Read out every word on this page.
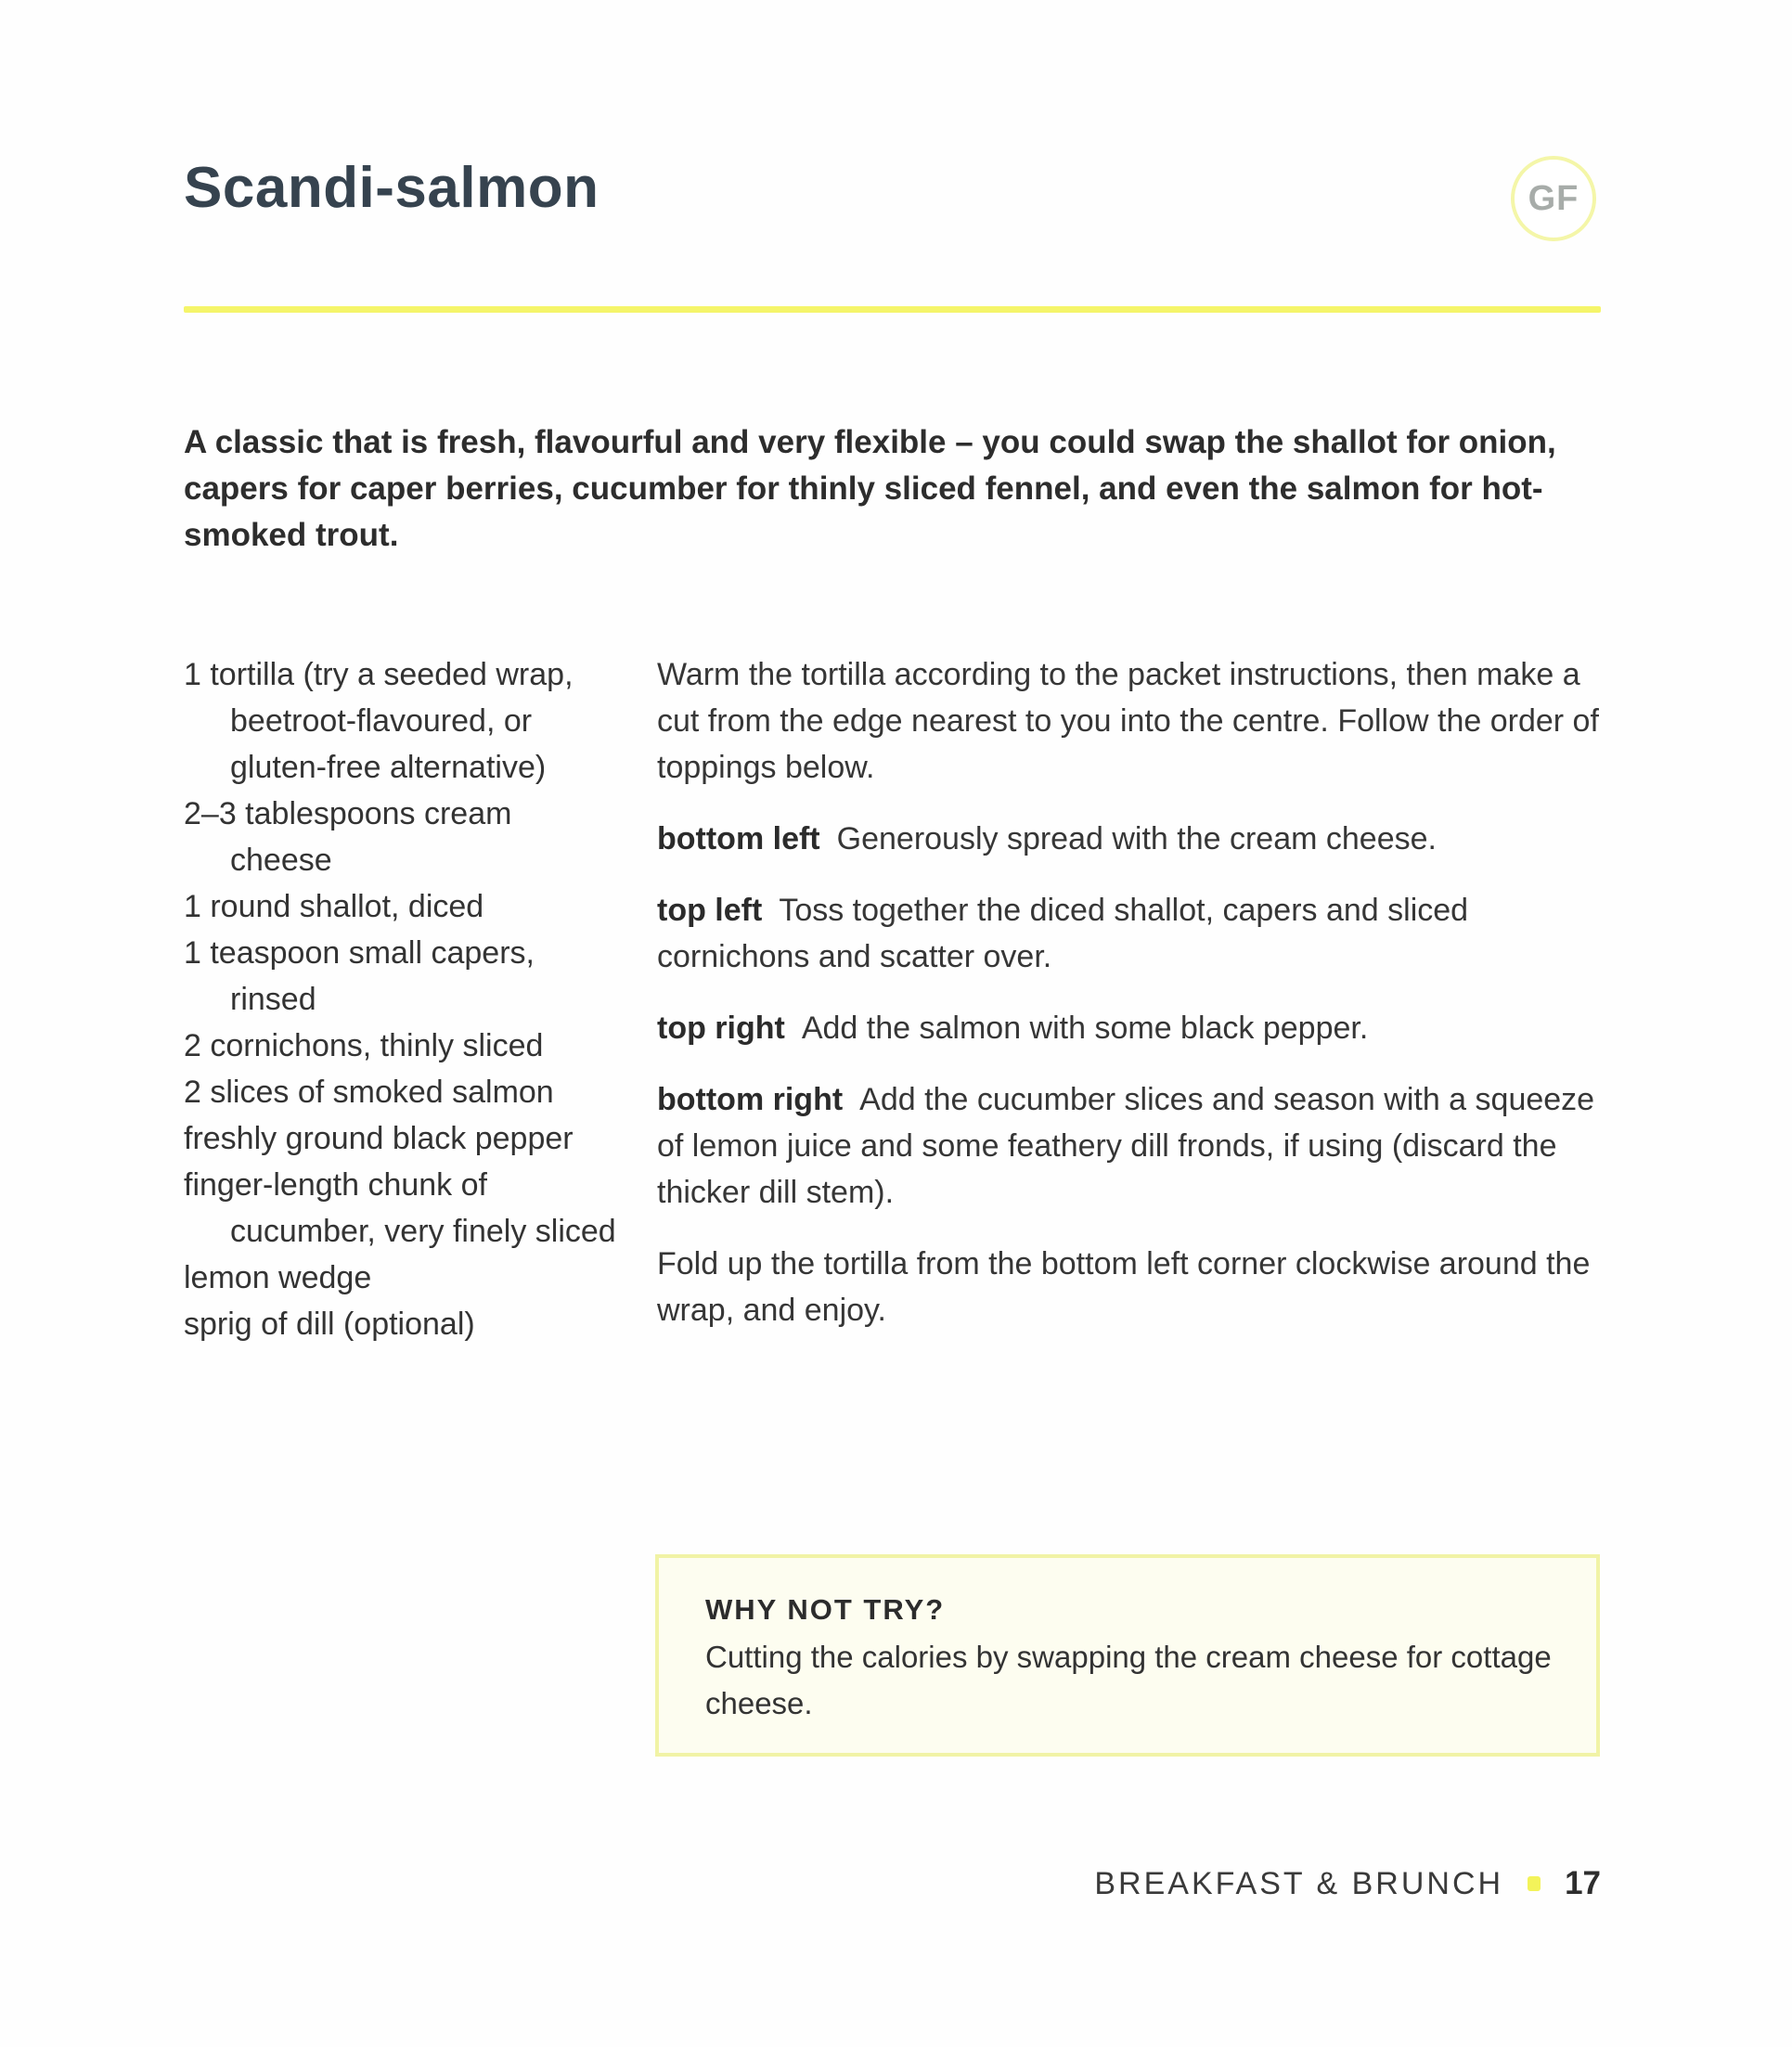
Scandi-salmon	GF

A classic that is fresh, flavourful and very flexible – you could swap the shallot for onion, capers for caper berries, cucumber for thinly sliced fennel, and even the salmon for hot-smoked trout.

1 tortilla (try a seeded wrap, beetroot-flavoured, or gluten-free alternative)
2–3 tablespoons cream cheese
1 round shallot, diced
1 teaspoon small capers, rinsed
2 cornichons, thinly sliced
2 slices of smoked salmon
freshly ground black pepper
finger-length chunk of cucumber, very finely sliced
lemon wedge
sprig of dill (optional)

Warm the tortilla according to the packet instructions, then make a cut from the edge nearest to you into the centre. Follow the order of toppings below.

bottom left Generously spread with the cream cheese.

top left Toss together the diced shallot, capers and sliced cornichons and scatter over.

top right Add the salmon with some black pepper.

bottom right Add the cucumber slices and season with a squeeze of lemon juice and some feathery dill fronds, if using (discard the thicker dill stem).

Fold up the tortilla from the bottom left corner clockwise around the wrap, and enjoy.

WHY NOT TRY?

Cutting the calories by swapping the cream cheese for cottage cheese.

BREAKFAST & BRUNCH 17
